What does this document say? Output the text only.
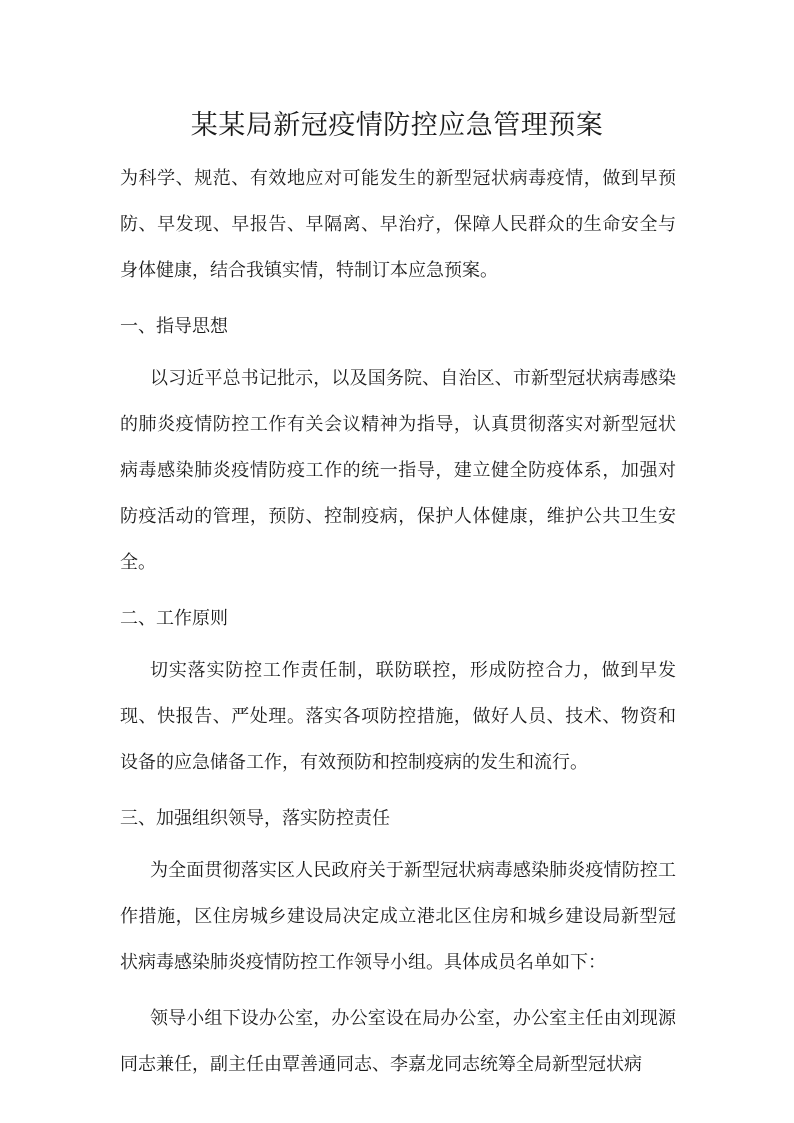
某某局新冠疫情防控应急管理预案

为科学、规范、有效地应对可能发生的新型冠状病毒疫情，做到早预防、早发现、早报告、早隔离、早治疗，保障人民群众的生命安全与身体健康，结合我镇实情，特制订本应急预案。

一、指导思想

以习近平总书记批示，以及国务院、自治区、市新型冠状病毒感染的肺炎疫情防控工作有关会议精神为指导，认真贯彻落实对新型冠状病毒感染肺炎疫情防疫工作的统一指导，建立健全防疫体系，加强对防疫活动的管理，预防、控制疫病，保护人体健康，维护公共卫生安全。

二、工作原则

切实落实防控工作责任制，联防联控，形成防控合力，做到早发现、快报告、严处理。落实各项防控措施，做好人员、技术、物资和设备的应急储备工作，有效预防和控制疫病的发生和流行。

三、加强组织领导，落实防控责任

为全面贯彻落实区人民政府关于新型冠状病毒感染肺炎疫情防控工作措施，区住房城乡建设局决定成立港北区住房和城乡建设局新型冠状病毒感染肺炎疫情防控工作领导小组。具体成员名单如下：

领导小组下设办公室，办公室设在局办公室，办公室主任由刘现源同志兼任，副主任由覃善通同志、李嘉龙同志统筹全局新型冠状病
